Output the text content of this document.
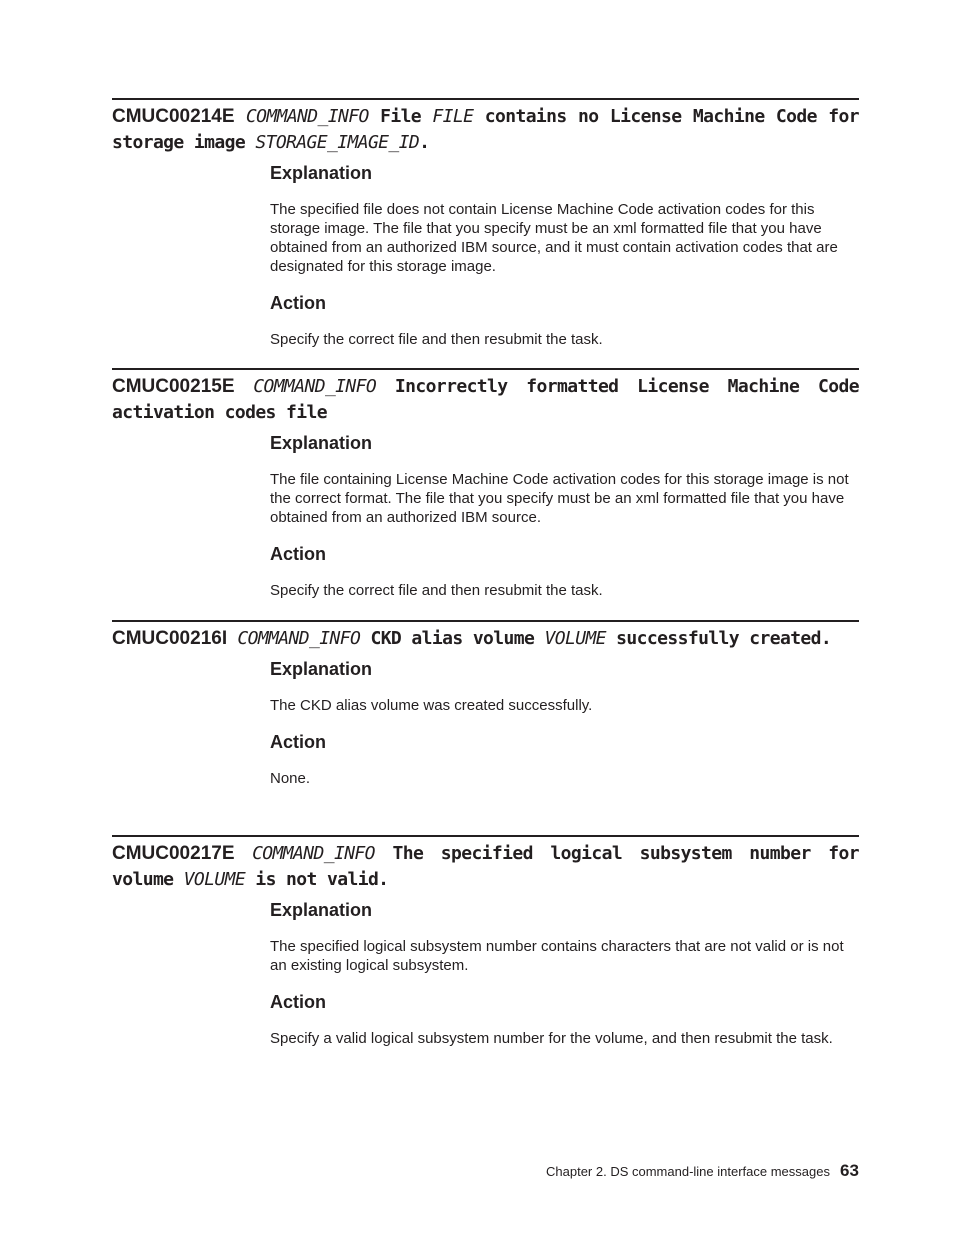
CMUC00214E COMMAND_INFO File FILE contains no License Machine Code for storage image STORAGE_IMAGE_ID.
Explanation
The specified file does not contain License Machine Code activation codes for this storage image. The file that you specify must be an xml formatted file that you have obtained from an authorized IBM source, and it must contain activation codes that are designated for this storage image.
Action
Specify the correct file and then resubmit the task.
CMUC00215E COMMAND_INFO Incorrectly formatted License Machine Code activation codes file
Explanation
The file containing License Machine Code activation codes for this storage image is not the correct format. The file that you specify must be an xml formatted file that you have obtained from an authorized IBM source.
Action
Specify the correct file and then resubmit the task.
CMUC00216I COMMAND_INFO CKD alias volume VOLUME successfully created.
Explanation
The CKD alias volume was created successfully.
Action
None.
CMUC00217E COMMAND_INFO The specified logical subsystem number for volume VOLUME is not valid.
Explanation
The specified logical subsystem number contains characters that are not valid or is not an existing logical subsystem.
Action
Specify a valid logical subsystem number for the volume, and then resubmit the task.
Chapter 2. DS command-line interface messages 63
